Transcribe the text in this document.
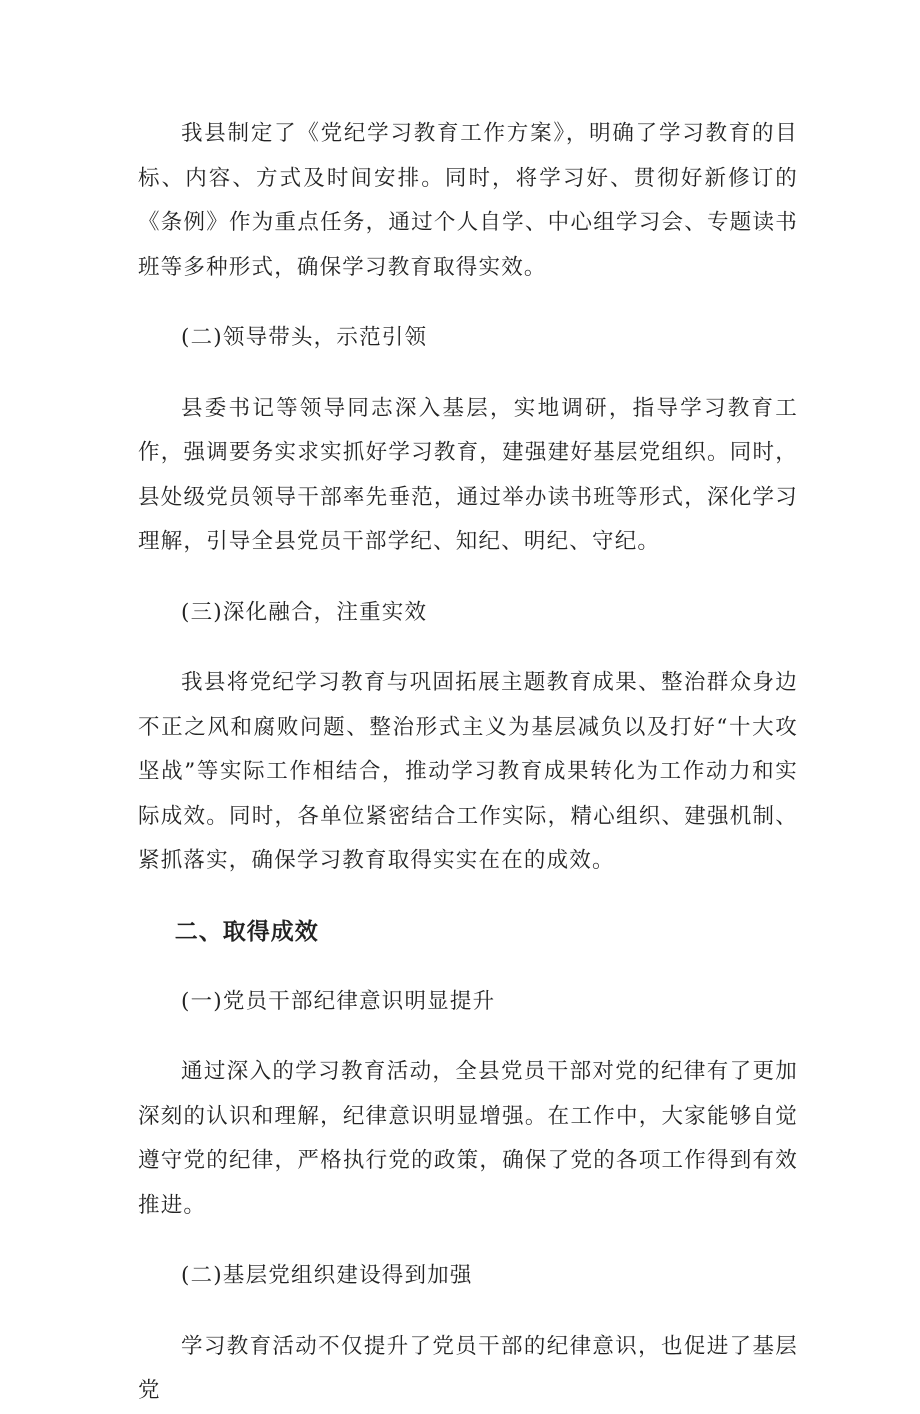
我县制定了《党纪学习教育工作方案》，明确了学习教育的目标、内容、方式及时间安排。同时，将学习好、贯彻好新修订的《条例》作为重点任务，通过个人自学、中心组学习会、专题读书班等多种形式，确保学习教育取得实效。

(二)领导带头，示范引领

县委书记等领导同志深入基层，实地调研，指导学习教育工作，强调要务实求实抓好学习教育，建强建好基层党组织。同时，县处级党员领导干部率先垂范，通过举办读书班等形式，深化学习理解，引导全县党员干部学纪、知纪、明纪、守纪。

(三)深化融合，注重实效

我县将党纪学习教育与巩固拓展主题教育成果、整治群众身边不正之风和腐败问题、整治形式主义为基层减负以及打好“十大攻坚战”等实际工作相结合，推动学习教育成果转化为工作动力和实际成效。同时，各单位紧密结合工作实际，精心组织、建强机制、紧抓落实，确保学习教育取得实实在在的成效。

二、取得成效

(一)党员干部纪律意识明显提升

通过深入的学习教育活动，全县党员干部对党的纪律有了更加深刻的认识和理解，纪律意识明显增强。在工作中，大家能够自觉遵守党的纪律，严格执行党的政策，确保了党的各项工作得到有效推进。

(二)基层党组织建设得到加强

学习教育活动不仅提升了党员干部的纪律意识，也促进了基层党
